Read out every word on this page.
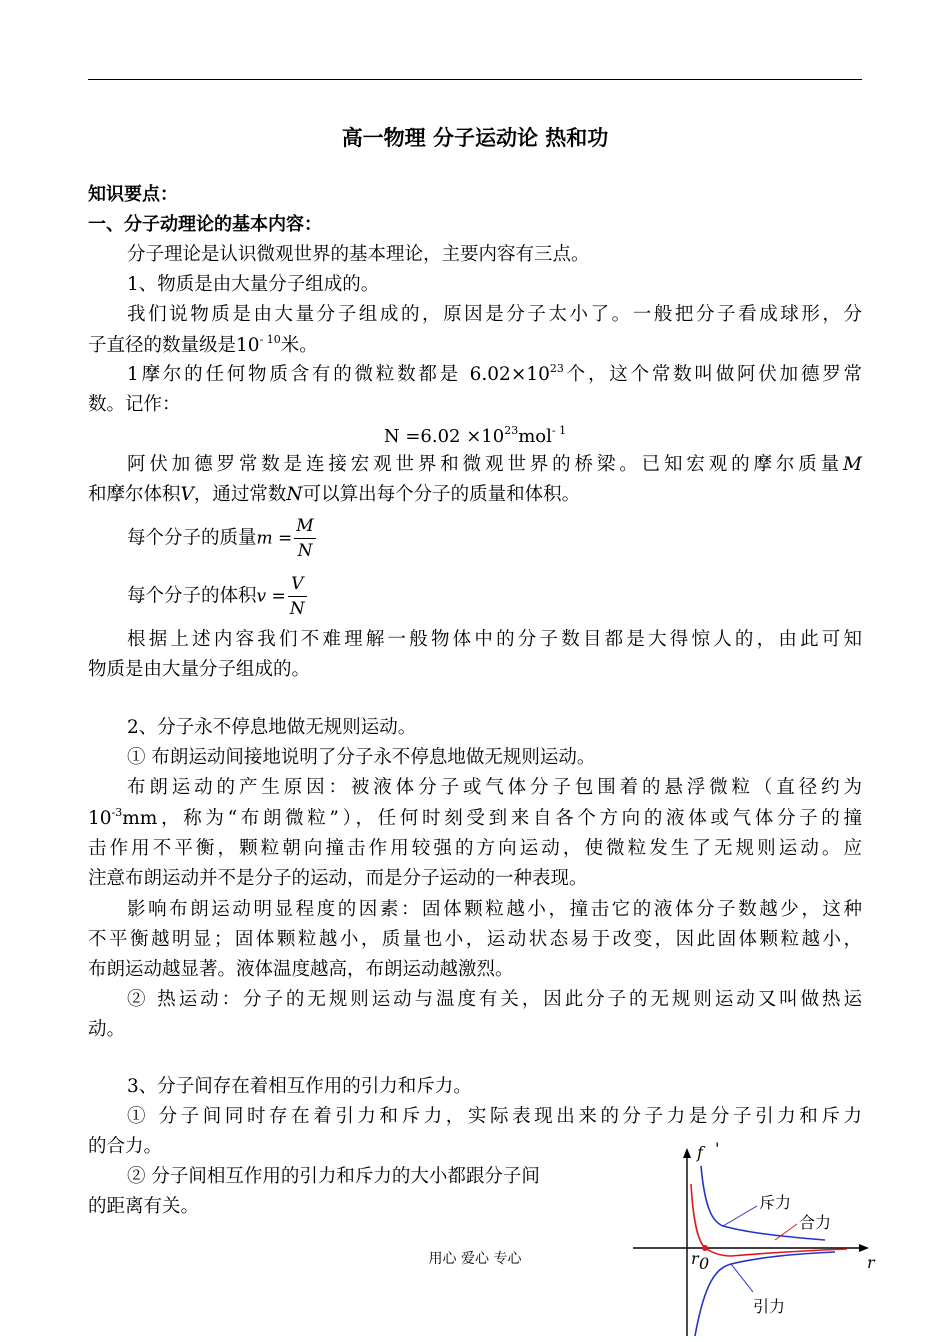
高一物理 分子运动论 热和功
知识要点：
一、分子动理论的基本内容：
分子理论是认识微观世界的基本理论，主要内容有三点。
1、物质是由大量分子组成的。
我们说物质是由大量分子组成的，原因是分子太小了。一般把分子看成球形，分
子直径的数量级是$10^{- 10}$米。
1摩尔的任何物质含有的微粒数都是 $6.02\times 10^{23}$个，这个常数叫做阿伏加德罗常
数。记作：
$N =6.02 \times 10^{23}mol^{- 1}$
阿伏加德罗常数是连接宏观世界和微观世界的桥梁。已知宏观的摩尔质量M
和摩尔体积V，通过常数N可以算出每个分子的质量和体积。
每个分子的质量$m = \frac{M}{N}$
每个分子的体积$v = \frac{V}{N}$
根据上述内容我们不难理解一般物体中的分子数目都是大得惊人的，由此可知
物质是由大量分子组成的。
2、分子永不停息地做无规则运动。
① 布朗运动间接地说明了分子永不停息地做无规则运动。
布朗运动的产生原因：被液体分子或气体分子包围着的悬浮微粒（直径约为
$10^{-3}mm$，称为“布朗微粒”），任何时刻受到来自各个方向的液体或气体分子的撞
击作用不平衡，颗粒朝向撞击作用较强的方向运动，使微粒发生了无规则运动。应
注意布朗运动并不是分子的运动，而是分子运动的一种表现。
影响布朗运动明显程度的因素：固体颗粒越小，撞击它的液体分子数越少，这种
不平衡越明显；固体颗粒越小，质量也小，运动状态易于改变，因此固体颗粒越小，
布朗运动越显著。液体温度越高，布朗运动越激烈。
② 热运动：分子的无规则运动与温度有关，因此分子的无规则运动又叫做热运
动。
3、分子间存在着相互作用的引力和斥力。
① 分子间同时存在着引力和斥力，实际表现出来的分子力是分子引力和斥力
的合力。
② 分子间相互作用的引力和斥力的大小都跟分子间
的距离有关。
用心 爱心 专心
f '
r
r 0
斥力
合力
引力
